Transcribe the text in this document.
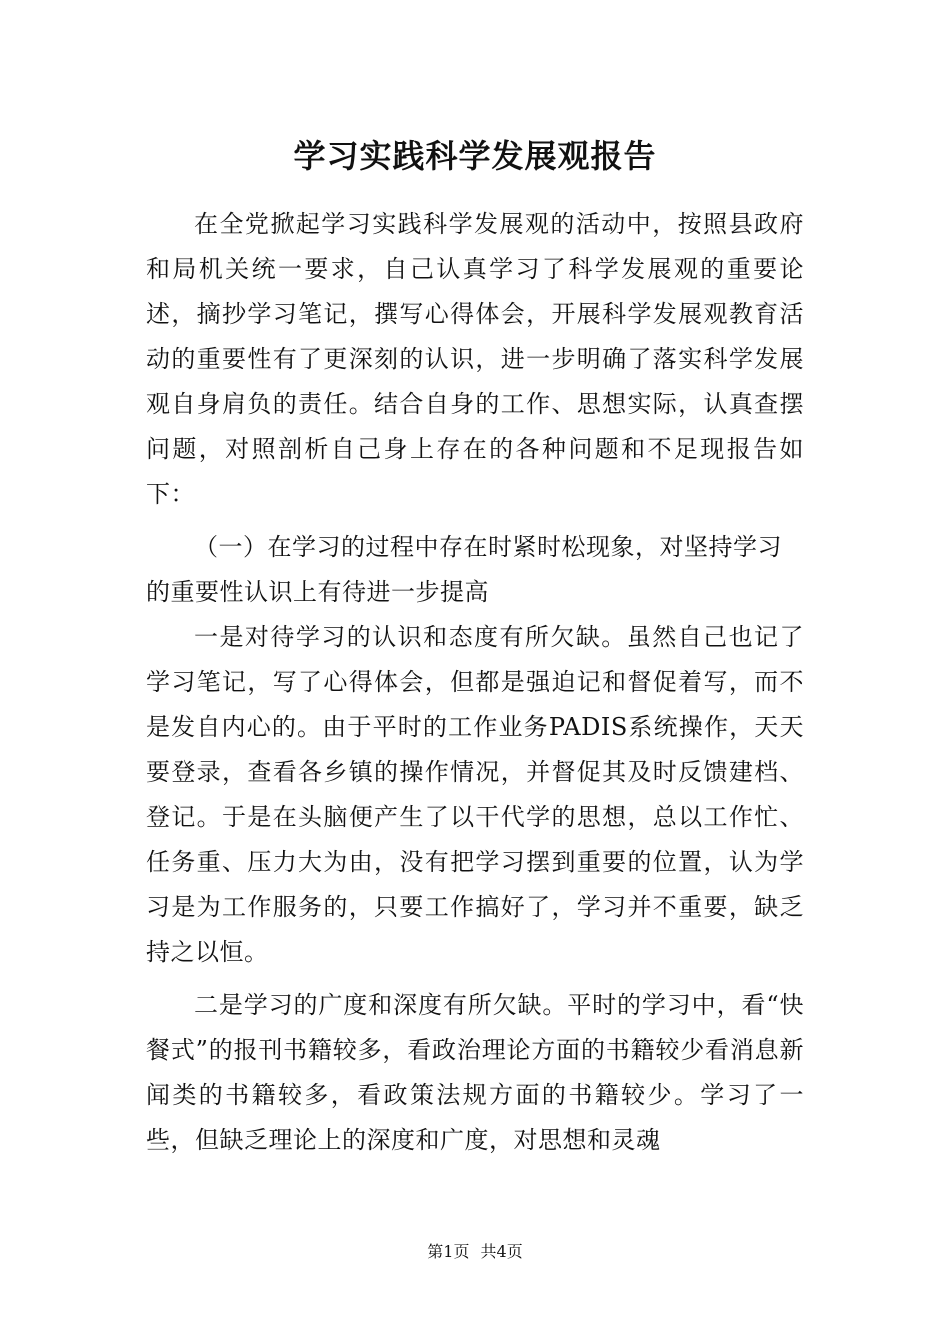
学习实践科学发展观报告

在全党掀起学习实践科学发展观的活动中，按照县政府和局机关统一要求，自己认真学习了科学发展观的重要论述，摘抄学习笔记，撰写心得体会，开展科学发展观教育活动的重要性有了更深刻的认识，进一步明确了落实科学发展观自身肩负的责任。结合自身的工作、思想实际，认真查摆问题，对照剖析自己身上存在的各种问题和不足现报告如下：

（一）在学习的过程中存在时紧时松现象，对坚持学习的重要性认识上有待进一步提高

一是对待学习的认识和态度有所欠缺。虽然自己也记了学习笔记，写了心得体会，但都是强迫记和督促着写，而不是发自内心的。由于平时的工作业务PADIS系统操作，天天要登录，查看各乡镇的操作情况，并督促其及时反馈建档、登记。于是在头脑便产生了以干代学的思想，总以工作忙、任务重、压力大为由，没有把学习摆到重要的位置，认为学习是为工作服务的，只要工作搞好了，学习并不重要，缺乏持之以恒。

二是学习的广度和深度有所欠缺。平时的学习中，看“快餐式”的报刊书籍较多，看政治理论方面的书籍较少看消息新闻类的书籍较多，看政策法规方面的书籍较少。学习了一些，但缺乏理论上的深度和广度，对思想和灵魂

第1页 共4页
